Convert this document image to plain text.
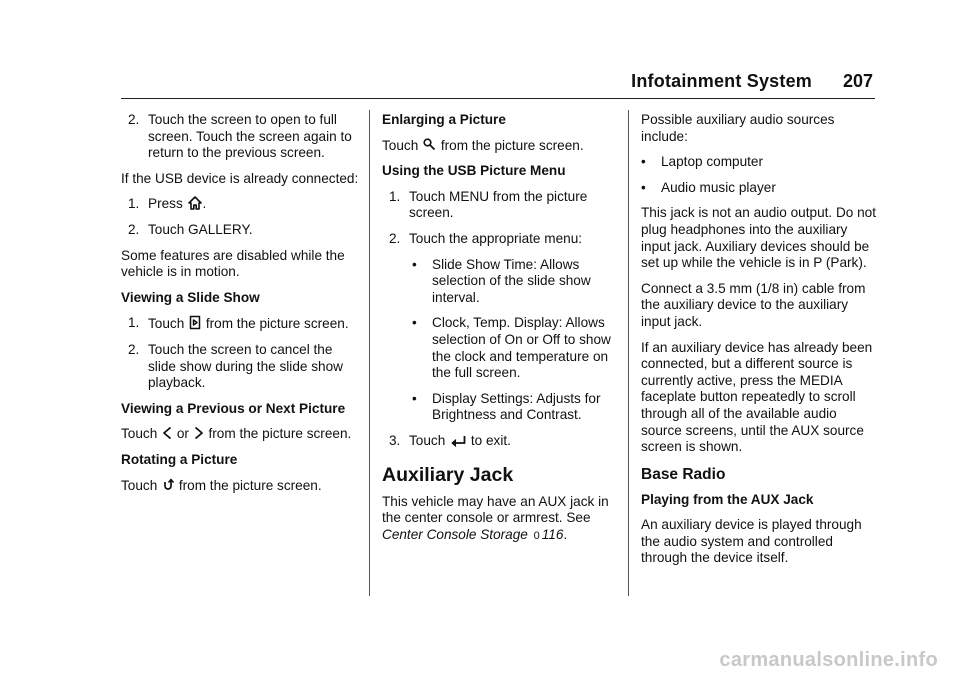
Infotainment System 207
2. Touch the screen to open to full screen. Touch the screen again to return to the previous screen.

If the USB device is already connected:

1. Press .
2. Touch GALLERY.

Some features are disabled while the vehicle is in motion.

Viewing a Slide Show

1. Touch from the picture screen.
2. Touch the screen to cancel the slide show during the slide show playback.

Viewing a Previous or Next Picture

Touch or from the picture screen.

Rotating a Picture

Touch from the picture screen.

Enlarging a Picture

Touch from the picture screen.

Using the USB Picture Menu

1. Touch MENU from the picture screen.
2. Touch the appropriate menu:
•	Slide Show Time: Allows selection of the slide show interval.
•	Clock, Temp. Display: Allows selection of On or Off to show the clock and temperature on the full screen.
•	Display Settings: Adjusts for Brightness and Contrast.
3. Touch to exit.

Auxiliary Jack

This vehicle may have an AUX jack in the center console or armrest. See Center Console Storage 0 116.

Possible auxiliary audio sources include:

•	Laptop computer
•	Audio music player

This jack is not an audio output. Do not plug headphones into the auxiliary input jack. Auxiliary devices should be set up while the vehicle is in P (Park).

Connect a 3.5 mm (1/8 in) cable from the auxiliary device to the auxiliary input jack.

If an auxiliary device has already been connected, but a different source is currently active, press the MEDIA faceplate button repeatedly to scroll through all of the available audio source screens, until the AUX source screen is shown.

Base Radio

Playing from the AUX Jack

An auxiliary device is played through the audio system and controlled through the device itself.

carmanualsonline.info
